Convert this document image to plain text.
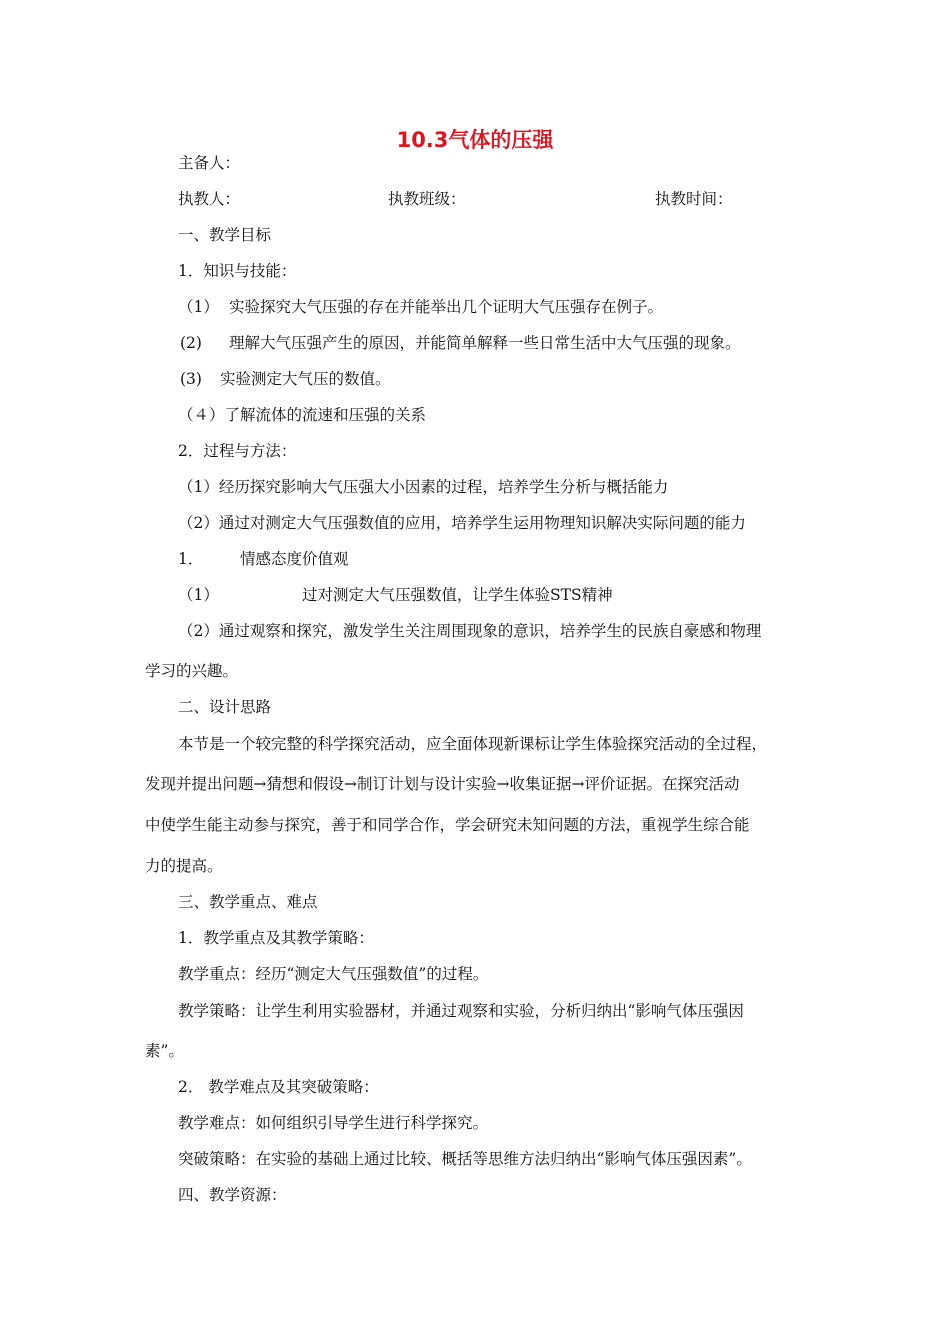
10.3气体的压强
主备人：
执教人：	执教班级：	执教时间：
一、教学目标
1．知识与技能：
（1） 实验探究大气压强的存在并能举出几个证明大气压强存在例子。
(2) 理解大气压强产生的原因，并能简单解释一些日常生活中大气压强的现象。
(3) 实验测定大气压的数值。
（４）了解流体的流速和压强的关系
2．过程与方法：
（1）经历探究影响大气压强大小因素的过程，培养学生分析与概括能力
（2）通过对测定大气压强数值的应用，培养学生运用物理知识解决实际问题的能力
1． 情感态度价值观
（1）	过对测定大气压强数值，让学生体验STS精神
（2）通过观察和探究，激发学生关注周围现象的意识，培养学生的民族自豪感和物理
学习的兴趣。
二、设计思路
本节是一个较完整的科学探究活动，应全面体现新课标让学生体验探究活动的全过程，
发现并提出问题→猜想和假设→制订计划与设计实验→收集证据→评价证据。在探究活动
中使学生能主动参与探究，善于和同学合作，学会研究未知问题的方法，重视学生综合能
力的提高。
三、教学重点、难点
1．教学重点及其教学策略：
教学重点：经历“测定大气压强数值”的过程。
教学策略：让学生利用实验器材，并通过观察和实验，分析归纳出“影响气体压强因
素”。
2． 教学难点及其突破策略：
教学难点：如何组织引导学生进行科学探究。
突破策略：在实验的基础上通过比较、概括等思维方法归纳出“影响气体压强因素”。
四、教学资源：
